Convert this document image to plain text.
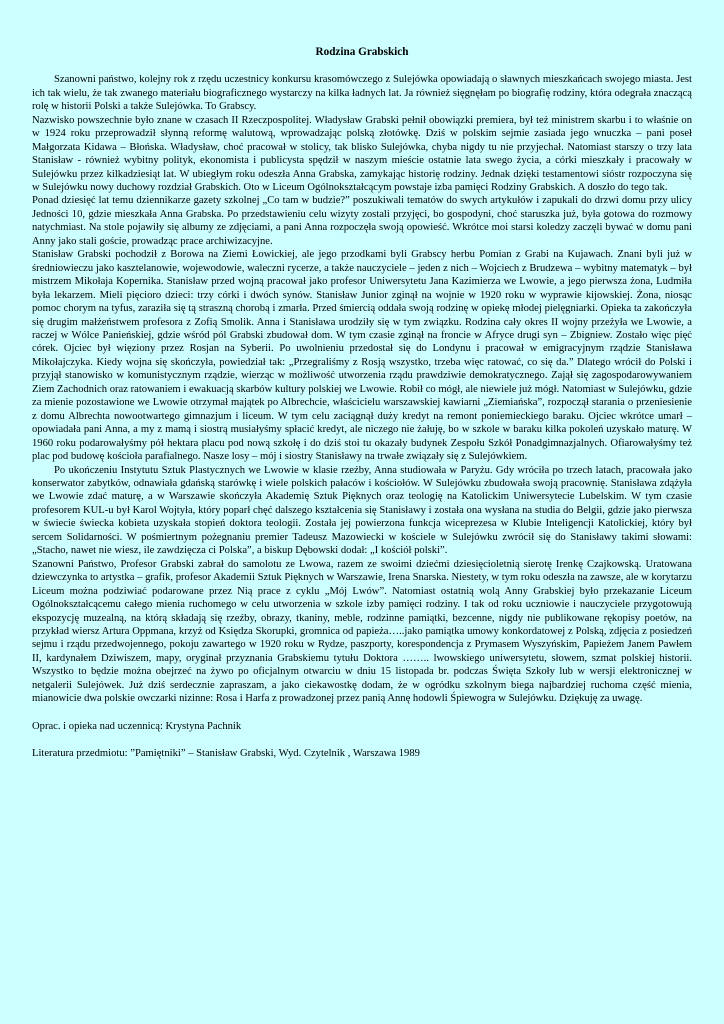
Rodzina Grabskich

Szanowni państwo, kolejny rok z rzędu uczestnicy konkursu krasomówczego z Sulejówka opowiadają o sławnych mieszkańcach swojego miasta. Jest ich tak wielu, że tak zwanego materiału biograficznego wystarczy na kilka ładnych lat. Ja również sięgnęłam po biografię rodziny, która odegrała znaczącą rolę w historii Polski a także Sulejówka. To Grabscy.

Nazwisko powszechnie było znane w czasach II Rzeczpospolitej. Władysław Grabski pełnił obowiązki premiera, był też ministrem skarbu i to właśnie on w 1924 roku przeprowadził słynną reformę walutową, wprowadzając polską złotówkę. Dziś w polskim sejmie zasiada jego wnuczka – pani poseł Małgorzata Kidawa – Błońska. Władysław, choć pracował w stolicy, tak blisko Sulejówka, chyba nigdy tu nie przyjechał. Natomiast starszy o trzy lata Stanisław - również wybitny polityk, ekonomista i publicysta spędził w naszym mieście ostatnie lata swego życia, a córki mieszkały i pracowały w Sulejówku przez kilkadziesiąt lat. W ubiegłym roku odeszła Anna Grabska, zamykając historię rodziny. Jednak dzięki testamentowi sióstr rozpoczyna się w Sulejówku nowy duchowy rozdział Grabskich. Oto w Liceum Ogólnokształcącym powstaje izba pamięci Rodziny Grabskich. A doszło do tego tak.

Ponad dziesięć lat temu dziennikarze gazety szkolnej „Co tam w budzie?” poszukiwali tematów do swych artykułów i zapukali do drzwi domu przy ulicy Jedności 10, gdzie mieszkała Anna Grabska. Po przedstawieniu celu wizyty zostali przyjęci, bo gospodyni, choć staruszka już, była gotowa do rozmowy natychmiast. Na stole pojawiły się albumy ze zdjęciami, a pani Anna rozpoczęła swoją opowieść. Wkrótce moi starsi koledzy zaczęli bywać w domu pani Anny jako stali goście, prowadząc prace archiwizacyjne.

Stanisław Grabski pochodził z Borowa na Ziemi Łowickiej, ale jego przodkami byli Grabscy herbu Pomian z Grabi na Kujawach. Znani byli już w średniowieczu jako kasztelanowie, wojewodowie, waleczni rycerze, a także nauczyciele – jeden z nich – Wojciech z Brudzewa – wybitny matematyk – był mistrzem Mikołaja Kopernika. Stanisław przed wojną pracował jako profesor Uniwersytetu Jana Kazimierza we Lwowie, a jego pierwsza żona, Ludmiła była lekarzem. Mieli pięcioro dzieci: trzy córki i dwóch synów. Stanisław Junior zginął na wojnie w 1920 roku w wyprawie kijowskiej. Żona, niosąc pomoc chorym na tyfus, zaraziła się tą straszną chorobą i zmarła. Przed śmiercią oddała swoją rodzinę w opiekę młodej pielęgniarki. Opieka ta zakończyła się drugim małżeństwem profesora z Zofią Smolik. Anna i Stanisława urodziły się w tym związku. Rodzina cały okres II wojny przeżyła we Lwowie, a raczej w Wólce Panieńskiej, gdzie wśród pól Grabski zbudował dom. W tym czasie zginął na froncie w Afryce drugi syn – Zbigniew. Zostało więc pięć córek. Ojciec był więziony przez Rosjan na Syberii. Po uwolnieniu przedostał się do Londynu i pracował w emigracyjnym rządzie Stanisława Mikołajczyka. Kiedy wojna się skończyła, powiedział tak: „Przegraliśmy z Rosją wszystko, trzeba więc ratować, co się da.” Dlatego wrócił do Polski i przyjął stanowisko w komunistycznym rządzie, wierząc w możliwość utworzenia rządu prawdziwie demokratycznego. Zajął się zagospodarowywaniem Ziem Zachodnich oraz ratowaniem i ewakuacją skarbów kultury polskiej we Lwowie. Robił co mógł, ale niewiele już mógł. Natomiast w Sulejówku, gdzie za mienie pozostawione we Lwowie otrzymał majątek po Albrechcie, właścicielu warszawskiej kawiarni „Ziemiańska”, rozpoczął starania o przeniesienie z domu Albrechta nowootwartego gimnazjum i liceum. W tym celu zaciągnął duży kredyt na remont poniemieckiego baraku. Ojciec wkrótce umarł – opowiadała pani Anna, a my z mamą i siostrą musiałyśmy spłacić kredyt, ale niczego nie żałuję, bo w szkole w baraku kilka pokoleń uzyskało maturę. W 1960 roku podarowałyśmy pół hektara placu pod nową szkołę i do dziś stoi tu okazały budynek Zespołu Szkół Ponadgimnazjalnych. Ofiarowałyśmy też plac pod budowę kościoła parafialnego. Nasze losy – mój i siostry Stanisławy na trwałe związały się z Sulejówkiem.

Po ukończeniu Instytutu Sztuk Plastycznych we Lwowie w klasie rzeźby, Anna studiowała w Paryżu. Gdy wróciła po trzech latach, pracowała jako konserwator zabytków, odnawiała gdańską starówkę i wiele polskich pałaców i kościołów. W Sulejówku zbudowała swoją pracownię. Stanisława zdążyła we Lwowie zdać maturę, a w Warszawie skończyła Akademię Sztuk Pięknych oraz teologię na Katolickim Uniwersytecie Lubelskim. W tym czasie profesorem KUL-u był Karol Wojtyła, który poparł chęć dalszego kształcenia się Stanisławy i została ona wysłana na studia do Belgii, gdzie jako pierwsza w świecie świecka kobieta uzyskała stopień doktora teologii. Została jej powierzona funkcja wiceprezesa w Klubie Inteligencji Katolickiej, który był sercem Solidarności. W pośmiertnym pożegnaniu premier Tadeusz Mazowiecki w kościele w Sulejówku zwrócił się do Stanisławy takimi słowami: „Stacho, nawet nie wiesz, ile zawdzięcza ci Polska”, a biskup Dębowski dodał: „I kościół polski”.

Szanowni Państwo, Profesor Grabski zabrał do samolotu ze Lwowa, razem ze swoimi dziećmi dziesięcioletnią sierotę Irenkę Czajkowską. Uratowana dziewczynka to artystka – grafik, profesor Akademii Sztuk Pięknych w Warszawie, Irena Snarska. Niestety, w tym roku odeszła na zawsze, ale w korytarzu Liceum można podziwiać podarowane przez Nią prace z cyklu „Mój Lwów”. Natomiast ostatnią wolą Anny Grabskiej było przekazanie Liceum Ogólnokształcącemu całego mienia ruchomego w celu utworzenia w szkole izby pamięci rodziny. I tak od roku uczniowie i nauczyciele przygotowują ekspozycję muzealną, na którą składają się rzeźby, obrazy, tkaniny, meble, rodzinne pamiątki, bezcenne, nigdy nie publikowane rękopisy poetów, na przykład wiersz Artura Oppmana, krzyż od Księdza Skorupki, gromnica od papieża…..jako pamiątka umowy konkordatowej z Polską, zdjęcia z posiedzeń sejmu i rządu przedwojennego, pokoju zawartego w 1920 roku w Rydze, paszporty, korespondencja z Prymasem Wyszyńskim, Papieżem Janem Pawłem II, kardynałem Dziwiszem, mapy, oryginał przyznania Grabskiemu tytułu Doktora …….. lwowskiego uniwersytetu, słowem, szmat polskiej historii. Wszystko to będzie można obejrzeć na żywo po oficjalnym otwarciu w dniu 15 listopada br. podczas Święta Szkoły lub w wersji elektronicznej w netgalerii Sulejówek. Już dziś serdecznie zapraszam, a jako ciekawostkę dodam, że w ogródku szkolnym biega najbardziej ruchoma część mienia, mianowicie dwa polskie owczarki nizinne: Rosa i Harfa z prowadzonej przez panią Annę hodowli Śpiewogra w Sulejówku. Dziękuję za uwagę.

Oprac. i opieka nad uczennicą: Krystyna Pachnik

Literatura przedmiotu: ”Pamiętniki” – Stanisław Grabski, Wyd. Czytelnik , Warszawa 1989
